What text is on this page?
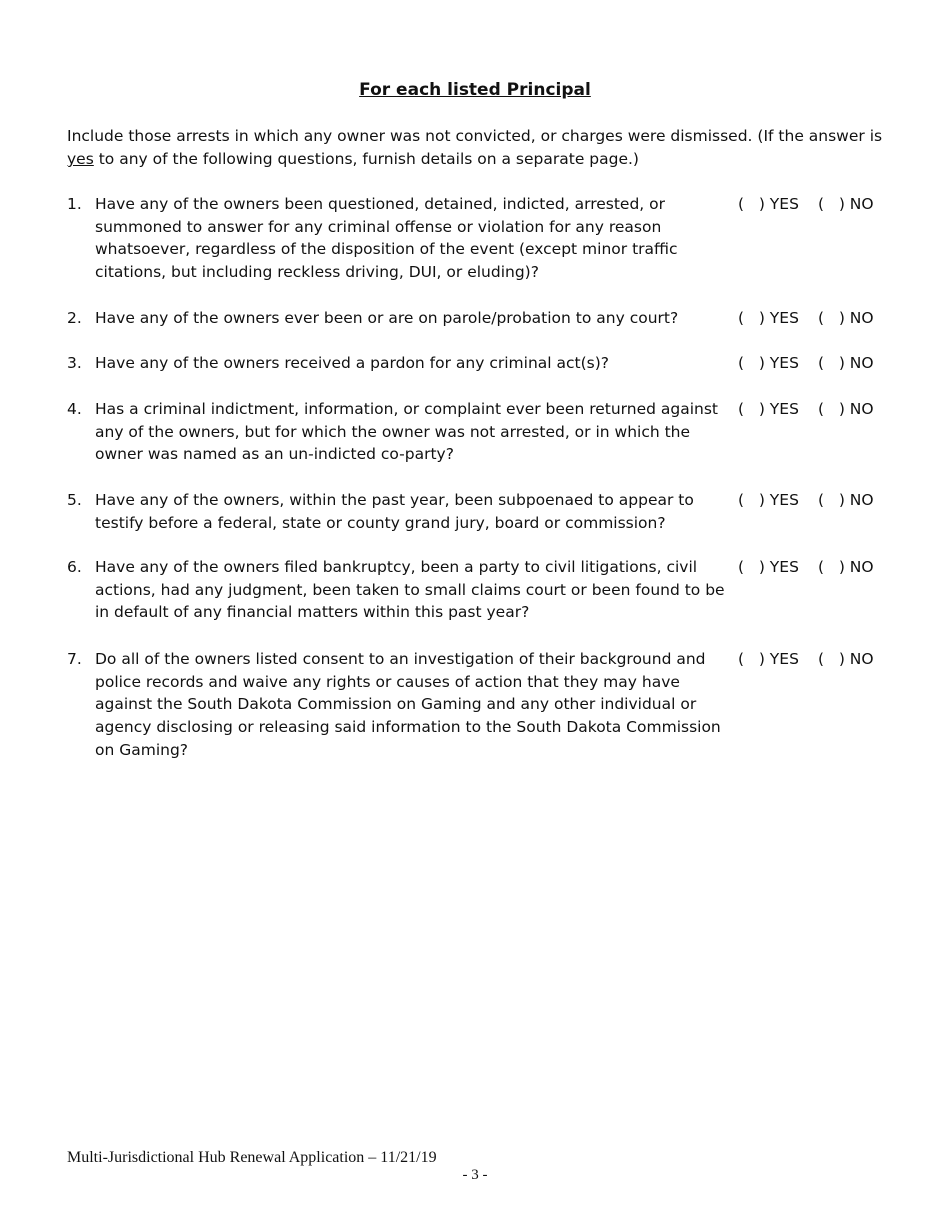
For each listed Principal
Include those arrests in which any owner was not convicted, or charges were dismissed. (If the answer is yes to any of the following questions, furnish details on a separate page.)
1. Have any of the owners been questioned, detained, indicted, arrested, or summoned to answer for any criminal offense or violation for any reason whatsoever, regardless of the disposition of the event (except minor traffic citations, but including reckless driving, DUI, or eluding)?
(   ) YES (   ) NO
2. Have any of the owners ever been or are on parole/probation to any court?	(   ) YES (   ) NO
3. Have any of the owners received a pardon for any criminal act(s)?	(   ) YES (   ) NO
4. Has a criminal indictment, information, or complaint ever been returned against any of the owners, but for which the owner was not arrested, or in which the owner was named as an un-indicted co-party?
(   ) YES (   ) NO
5. Have any of the owners, within the past year, been subpoenaed to appear to testify before a federal, state or county grand jury, board or commission?
(   ) YES (   ) NO
6. Have any of the owners filed bankruptcy, been a party to civil litigations, civil actions, had any judgment, been taken to small claims court or been found to be in default of any financial matters within this past year?
(   ) YES (   ) NO
7. Do all of the owners listed consent to an investigation of their background and police records and waive any rights or causes of action that they may have against the South Dakota Commission on Gaming and any other individual or agency disclosing or releasing said information to the South Dakota Commission on Gaming?
(   ) YES (   ) NO
Multi-Jurisdictional Hub Renewal Application – 11/21/19
- 3 -
